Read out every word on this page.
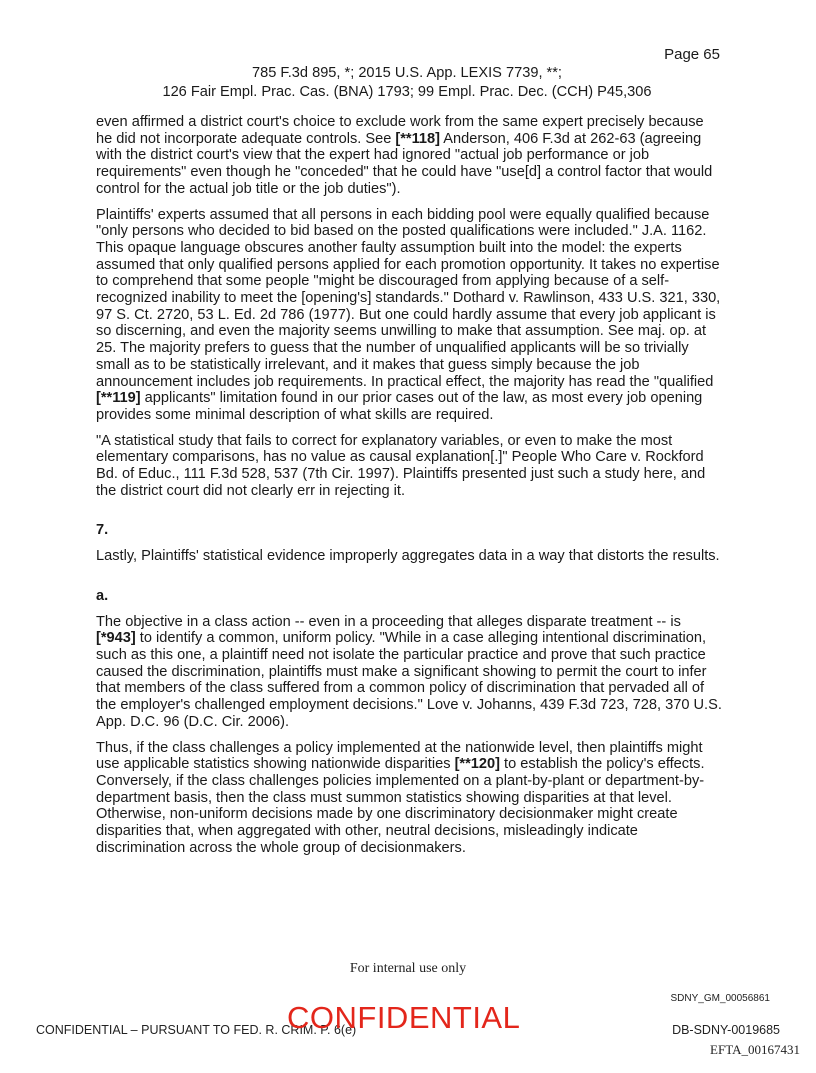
Page 65
785 F.3d 895, *; 2015 U.S. App. LEXIS 7739, **;
126 Fair Empl. Prac. Cas. (BNA) 1793; 99 Empl. Prac. Dec. (CCH) P45,306

even affirmed a district court's choice to exclude work from the same expert precisely because he did not incorporate adequate controls. See [**118] Anderson, 406 F.3d at 262-63 (agreeing with the district court's view that the expert had ignored "actual job performance or job requirements" even though he "conceded" that he could have "use[d] a control factor that would control for the actual job title or the job duties").

Plaintiffs' experts assumed that all persons in each bidding pool were equally qualified because "only persons who decided to bid based on the posted qualifications were included." J.A. 1162. This opaque language obscures another faulty assumption built into the model: the experts assumed that only qualified persons applied for each promotion opportunity. It takes no expertise to comprehend that some people "might be discouraged from applying because of a self-recognized inability to meet the [opening's] standards." Dothard v. Rawlinson, 433 U.S. 321, 330, 97 S. Ct. 2720, 53 L. Ed. 2d 786 (1977). But one could hardly assume that every job applicant is so discerning, and even the majority seems unwilling to make that assumption. See maj. op. at 25. The majority prefers to guess that the number of unqualified applicants will be so trivially small as to be statistically irrelevant, and it makes that guess simply because the job announcement includes job requirements. In practical effect, the majority has read the "qualified [**119] applicants" limitation found in our prior cases out of the law, as most every job opening provides some minimal description of what skills are required.

"A statistical study that fails to correct for explanatory variables, or even to make the most elementary comparisons, has no value as causal explanation[.]" People Who Care v. Rockford Bd. of Educ., 111 F.3d 528, 537 (7th Cir. 1997). Plaintiffs presented just such a study here, and the district court did not clearly err in rejecting it.

7.

Lastly, Plaintiffs' statistical evidence improperly aggregates data in a way that distorts the results.

a.

The objective in a class action -- even in a proceeding that alleges disparate treatment -- is [*943] to identify a common, uniform policy. "While in a case alleging intentional discrimination, such as this one, a plaintiff need not isolate the particular practice and prove that such practice caused the discrimination, plaintiffs must make a significant showing to permit the court to infer that members of the class suffered from a common policy of discrimination that pervaded all of the employer's challenged employment decisions." Love v. Johanns, 439 F.3d 723, 728, 370 U.S. App. D.C. 96 (D.C. Cir. 2006).

Thus, if the class challenges a policy implemented at the nationwide level, then plaintiffs might use applicable statistics showing nationwide disparities [**120] to establish the policy's effects. Conversely, if the class challenges policies implemented on a plant-by-plant or department-by-department basis, then the class must summon statistics showing disparities at that level. Otherwise, non-uniform decisions made by one discriminatory decisionmaker might create disparities that, when aggregated with other, neutral decisions, misleadingly indicate discrimination across the whole group of decisionmakers.

For internal use only
SDNY_GM_00056861
CONFIDENTIAL – PURSUANT TO FED. R. CRIM. P. 6(e)
CONFIDENTIAL	DB-SDNY-0019685
EFTA_00167431
